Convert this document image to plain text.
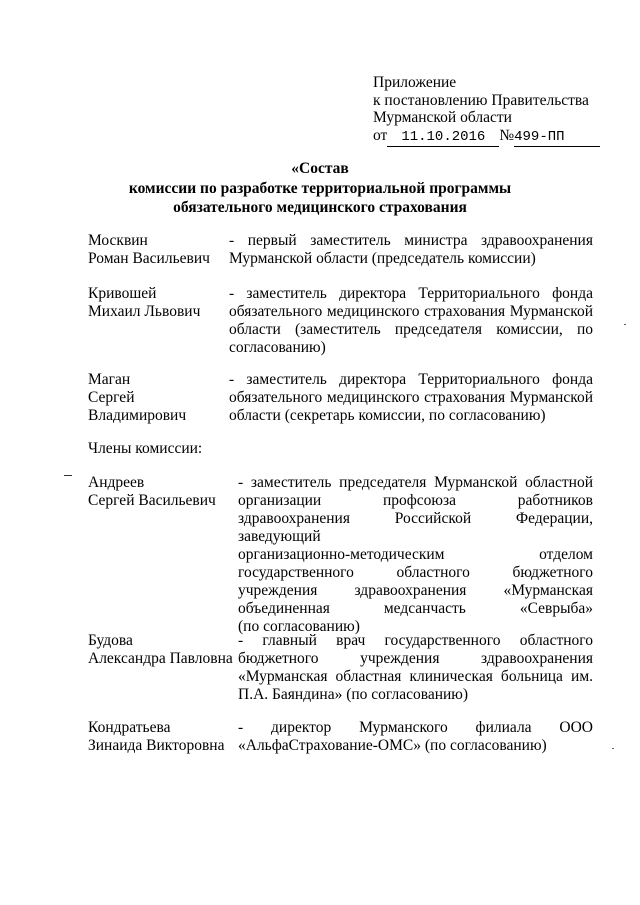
Приложение
к постановлению Правительства
Мурманской области
от 11.10.2016 №499-ПП
«Состав
комиссии по разработке территориальной программы
обязательного медицинского страхования
Москвин
Роман Васильевич
- первый заместитель министра здравоохранения Мурманской области (председатель комиссии)
Кривошей
Михаил Львович
- заместитель директора Территориального фонда обязательного медицинского страхования Мурманской области (заместитель председателя комиссии, по согласованию)
Маган
Сергей
Владимирович
- заместитель директора Территориального фонда обязательного медицинского страхования Мурманской области (секретарь комиссии, по согласованию)
Члены комиссии:
Андреев
Сергей Васильевич
- заместитель председателя Мурманской областной
организации профсоюза работников
здравоохранения Российской Федерации, заведующий
организационно-методическим отделом
государственного областного бюджетного
учреждения здравоохранения «Мурманская
объединенная медсанчасть «Севрыба»
(по согласованию)
Будова
Александра Павловна
- главный врач государственного областного бюджетного учреждения здравоохранения «Мурманская областная клиническая больница им. П.А. Баяндина» (по согласованию)
Кондратьева
Зинаида Викторовна
- директор Мурманского филиала ООО «АльфаСтрахование-ОМС» (по согласованию)
